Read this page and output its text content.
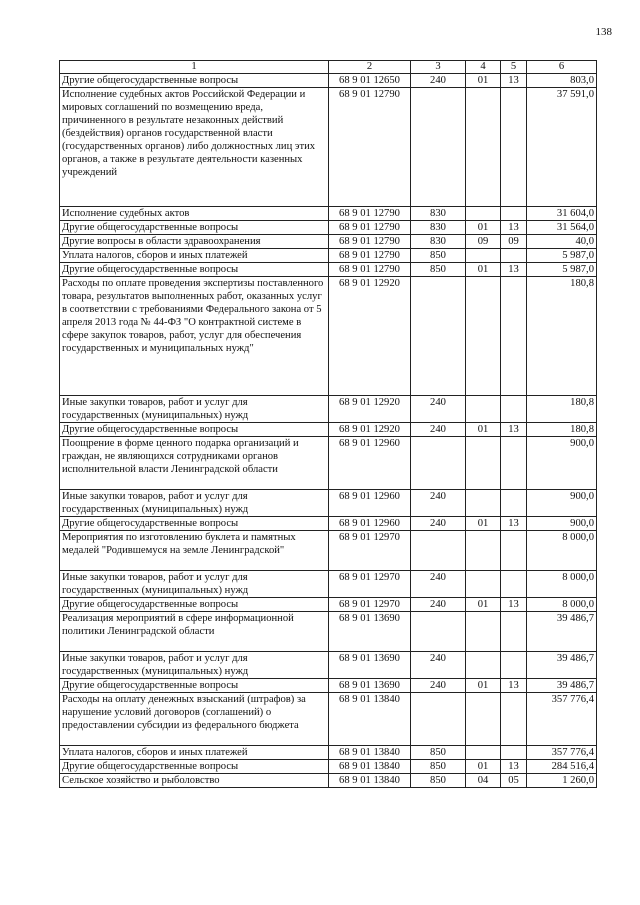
138
1	2	3	4	5	6
Другие общегосударственные вопросы	68 9 01 12650	240	01	13	803,0
Исполнение судебных актов Российской Федерации и мировых соглашений по возмещению вреда, причиненного в результате незаконных действий (бездействия) органов государственной власти (государственных органов) либо должностных лиц этих органов, а также в результате деятельности казенных учреждений	68 9 01 12790				37 591,0
Исполнение судебных актов	68 9 01 12790	830			31 604,0
Другие общегосударственные вопросы	68 9 01 12790	830	01	13	31 564,0
Другие вопросы в области здравоохранения	68 9 01 12790	830	09	09	40,0
Уплата налогов, сборов и иных платежей	68 9 01 12790	850			5 987,0
Другие общегосударственные вопросы	68 9 01 12790	850	01	13	5 987,0
Расходы по оплате проведения экспертизы поставленного товара, результатов выполненных работ, оказанных услуг в соответствии с требованиями Федерального закона от 5 апреля 2013 года № 44-ФЗ "О контрактной системе в сфере закупок товаров, работ, услуг для обеспечения государственных и муниципальных нужд"	68 9 01 12920				180,8
Иные закупки товаров, работ и услуг для государственных (муниципальных) нужд	68 9 01 12920	240			180,8
Другие общегосударственные вопросы	68 9 01 12920	240	01	13	180,8
Поощрение в форме ценного подарка организаций и граждан, не являющихся сотрудниками органов исполнительной власти Ленинградской области	68 9 01 12960				900,0
Иные закупки товаров, работ и услуг для государственных (муниципальных) нужд	68 9 01 12960	240			900,0
Другие общегосударственные вопросы	68 9 01 12960	240	01	13	900,0
Мероприятия по изготовлению буклета и памятных медалей "Родившемуся на земле Ленинградской"	68 9 01 12970				8 000,0
Иные закупки товаров, работ и услуг для государственных (муниципальных) нужд	68 9 01 12970	240			8 000,0
Другие общегосударственные вопросы	68 9 01 12970	240	01	13	8 000,0
Реализация мероприятий в сфере информационной политики Ленинградской области	68 9 01 13690				39 486,7
Иные закупки товаров, работ и услуг для государственных (муниципальных) нужд	68 9 01 13690	240			39 486,7
Другие общегосударственные вопросы	68 9 01 13690	240	01	13	39 486,7
Расходы на оплату денежных взысканий (штрафов) за нарушение условий договоров (соглашений) о предоставлении субсидии из федерального бюджета	68 9 01 13840				357 776,4
Уплата налогов, сборов и иных платежей	68 9 01 13840	850			357 776,4
Другие общегосударственные вопросы	68 9 01 13840	850	01	13	284 516,4
Сельское хозяйство и рыболовство	68 9 01 13840	850	04	05	1 260,0
